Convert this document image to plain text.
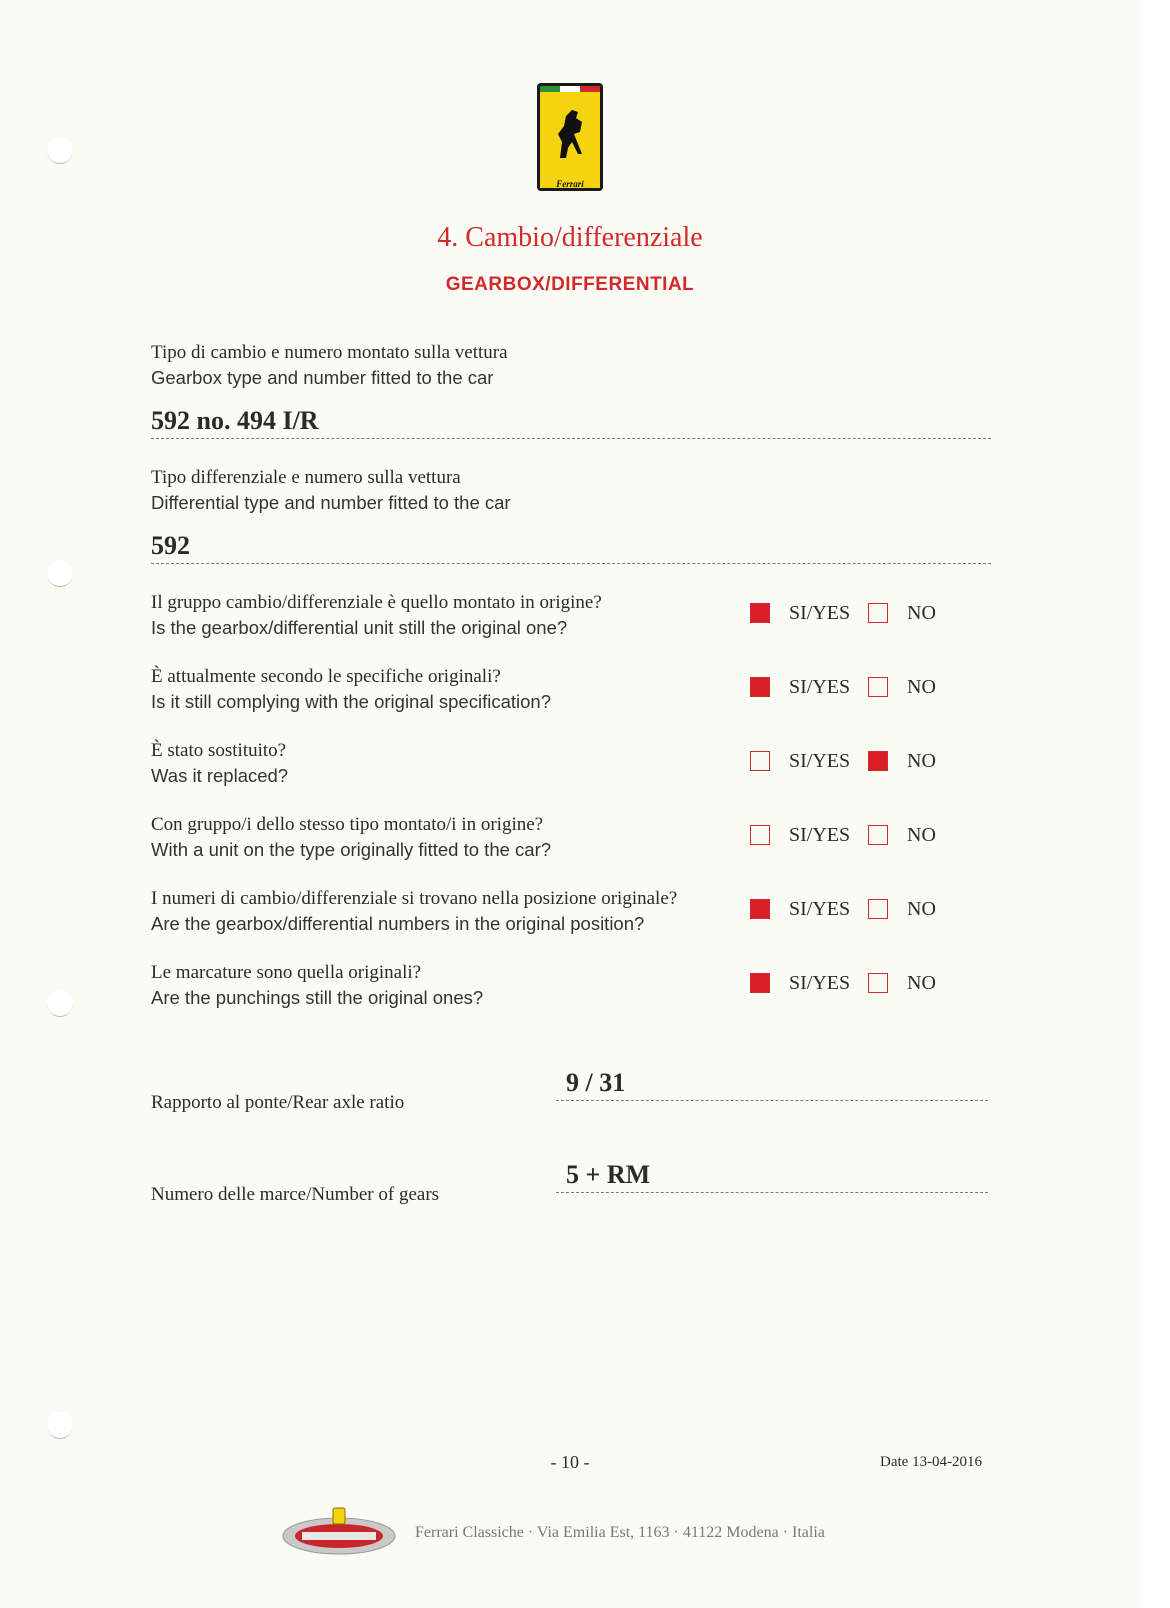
Ferrari
4. Cambio/differenziale
GEARBOX/DIFFERENTIAL
Tipo di cambio e numero montato sulla vettura
Gearbox type and number fitted to the car
592 no. 494 I/R
Tipo differenziale e numero sulla vettura
Differential type and number fitted to the car
592
Il gruppo cambio/differenziale è quello montato in origine?
Is the gearbox/differential unit still the original one?
SI/YES	NO
È attualmente secondo le specifiche originali?
Is it still complying with the original specification?
SI/YES	NO
È stato sostituito?
Was it replaced?
SI/YES	NO
Con gruppo/i dello stesso tipo montato/i in origine?
With a unit on the type originally fitted to the car?
SI/YES	NO
I numeri di cambio/differenziale si trovano nella posizione originale?
Are the gearbox/differential numbers in the original position?
SI/YES	NO
Le marcature sono quella originali?
Are the punchings still the original ones?
SI/YES	NO
Rapporto al ponte/Rear axle ratio
9 / 31
Numero delle marce/Number of gears
5 + RM
- 10 -	Date 13-04-2016
Ferrari Classiche · Via Emilia Est, 1163 · 41122 Modena · Italia
